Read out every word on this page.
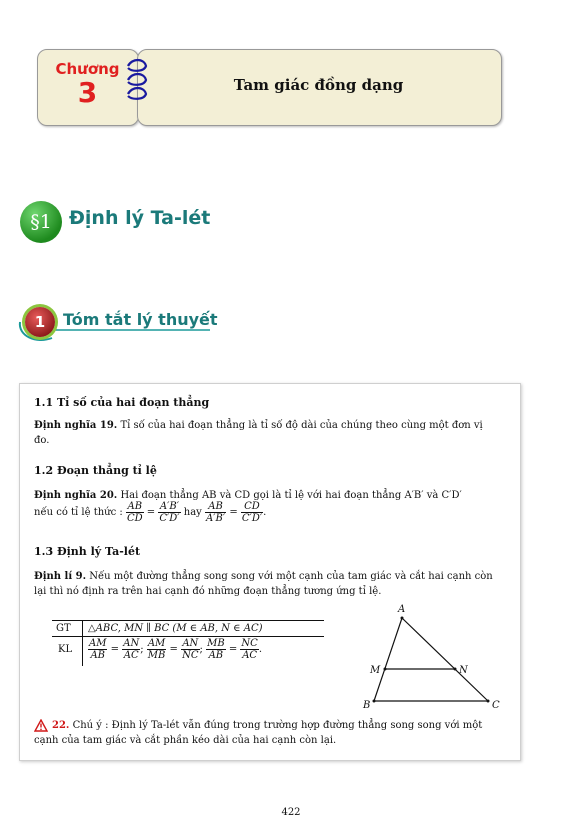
Chương
3	Tam giác đồng dạng
§1 Định lý Ta-lét
1	Tóm tắt lý thuyết
1.1 Tỉ số của hai đoạn thẳng
Định nghĩa 19. Tỉ số của hai đoạn thẳng là tỉ số độ dài của chúng theo cùng một đơn vị
đo.
1.2 Đoạn thẳng tỉ lệ
Định nghĩa 20. Hai đoạn thẳng AB và CD gọi là tỉ lệ với hai đoạn thẳng A′B′ và C′D′
nếu có tỉ lệ thức : $\frac{AB}{CD} = \frac{A'B'}{C'D'}$ hay $\frac{AB}{A'B'} = \frac{CD}{C'D'}$ .
1.3 Định lý Ta-lét
Định lí 9. Nếu một đường thẳng song song với một cạnh của tam giác và cắt hai cạnh còn
lại thì nó định ra trên hai cạnh đó những đoạn thẳng tương ứng tỉ lệ.
GT △ABC, MN ∥ BC (M ∈ AB, N ∈ AC)
KL $\frac{AM}{AB} = \frac{AN}{AC}$ ; $\frac{AM}{MB} = \frac{AN}{NC}$ ; $\frac{MB}{AB} = \frac{NC}{AC}$ .
A
B	C
M	N
22. Chú ý : Định lý Ta-lét vẫn đúng trong trường hợp đường thẳng song song với một
cạnh của tam giác và cắt phần kéo dài của hai cạnh còn lại.
422
